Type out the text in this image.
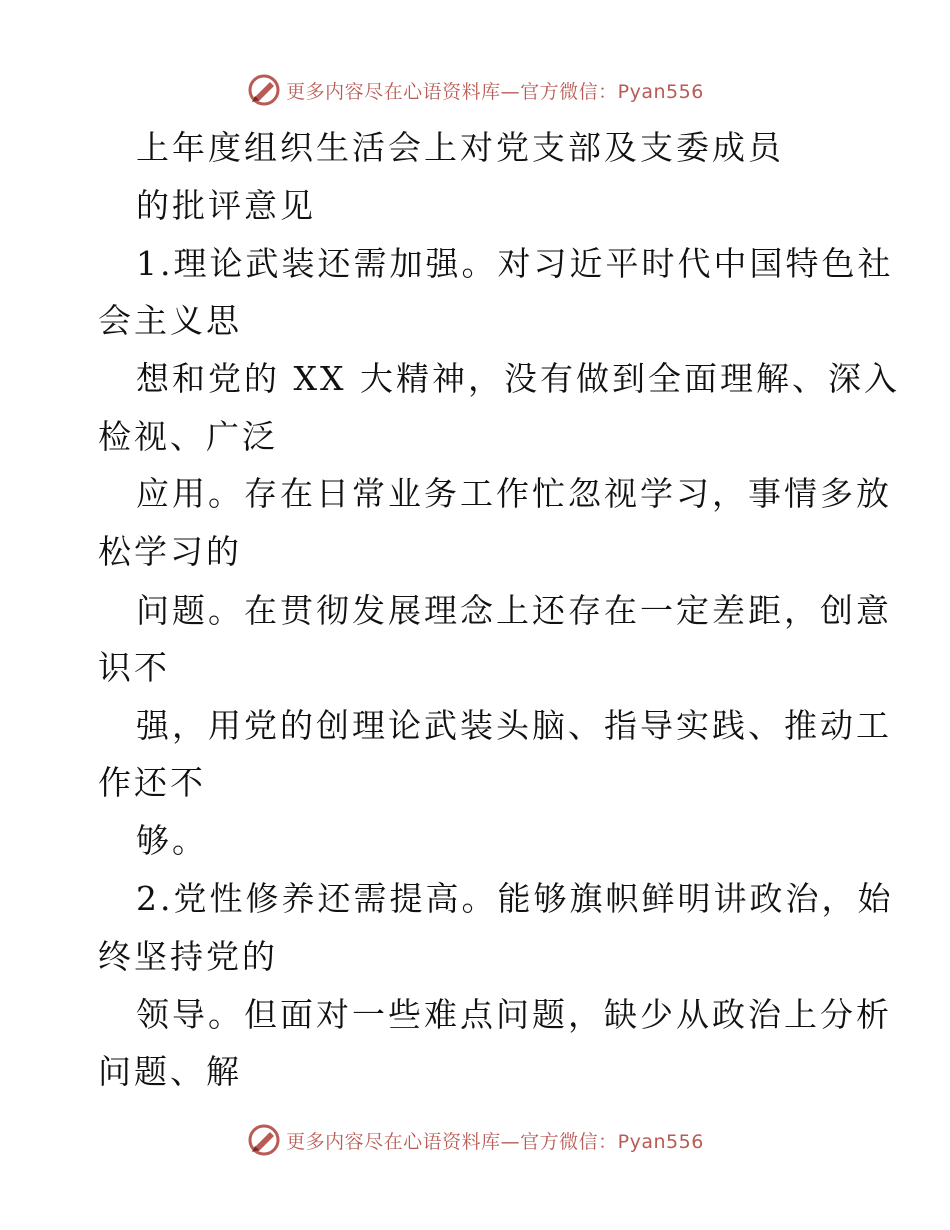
更多内容尽在心语资料库—官方微信：Pyan556
上年度组织生活会上对党支部及支委成员
的批评意见
1.理论武装还需加强。对习近平时代中国特色社
会主义思
想和党的 XX 大精神，没有做到全面理解、深入
检视、广泛
应用。存在日常业务工作忙忽视学习，事情多放
松学习的
问题。在贯彻发展理念上还存在一定差距，创意
识不
强，用党的创理论武装头脑、指导实践、推动工
作还不
够。
2.党性修养还需提高。能够旗帜鲜明讲政治，始
终坚持党的
领导。但面对一些难点问题，缺少从政治上分析
问题、解
更多内容尽在心语资料库—官方微信：Pyan556
